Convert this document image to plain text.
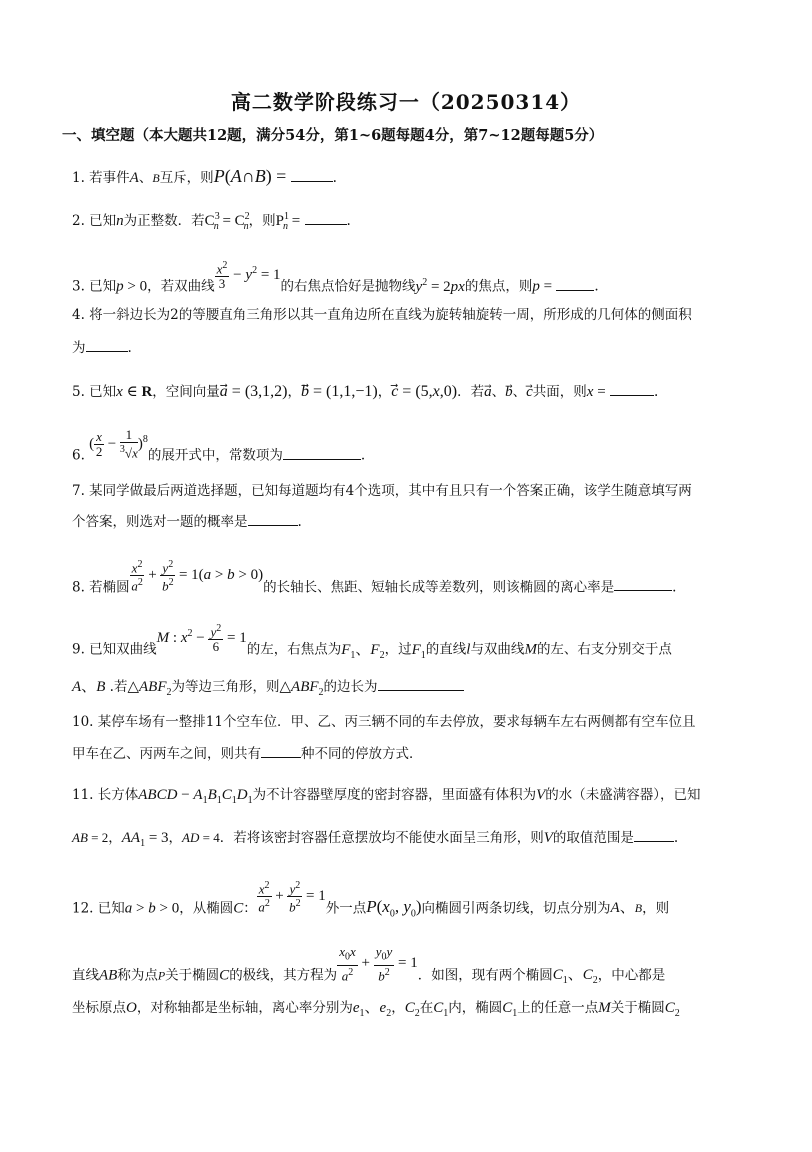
高二数学阶段练习一（20250314）
一、填空题（本大题共12题，满分54分，第1~6题每题4分，第7~12题每题5分）
1. 若事件A、B互斥，则P(A∩B) =	.
2. 已知n为正整数．若$C^3_n = C^2_n$，则$P^1_n$ =	.
3. 已知p > 0，若双曲线 $\frac{x^2}{3} - y^2 = 1$的右焦点恰好是抛物线$y^2 = 2px$的焦点，则p =	.
4. 将一斜边长为2的等腰直角三角形以其一直角边所在直线为旋转轴旋转一周，所形成的几何体的侧面积
为	.
5. 已知x ∈ R，空间向量a⃗ = (3,1,2)，b⃗ = (1,1,−1)，c⃗ = (5,x,0)．若a、b、c共面，则x =	.
6. ( $\frac{x}{2} - \frac{1}{^3√x} )^8$的展开式中，常数项为	.
7. 某同学做最后两道选择题，已知每道题均有4个选项，其中有且只有一个答案正确，该学生随意填写两
个答案，则选对一题的概率是	.
8. 若椭圆 $\frac{x^2}{a^2} + \frac{y^2}{b^2} = 1(a > b > 0)$的长轴长、焦距、短轴长成等差数列，则该椭圆的离心率是	.
9. 已知双曲线M : $x^2 - \frac{y^2}{6} = 1$的左，右焦点为$F_1$、$F_2$，过$F_1$的直线l与双曲线M的左、右支分别交于点
A、B .若$\triangle ABF_2$为等边三角形，则$\triangle ABF_2$的边长为
10. 某停车场有一整排11个空车位．甲、乙、丙三辆不同的车去停放，要求每辆车左右两侧都有空车位且
甲车在乙、丙两车之间，则共有	种不同的停放方式．
11. 长方体ABCD − $A_1B_1C_1D_1$为不计容器壁厚度的密封容器，里面盛有体积为V的水（未盛满容器），已知
AB = 2，$AA_1 = 3$，AD = 4．若将该密封容器任意摆放均不能使水面呈三角形，则V的取值范围是	.
12. 已知a > b > 0，从椭圆C： $\frac{x^2}{a^2} + \frac{y^2}{b^2} = 1$外一点$P(x_0$, $y_0$)向椭圆引两条切线，切点分别为A、B，则
直线AB称为点P关于椭圆C的极线，其方程为 $\frac{x_0x}{a^2} + \frac{y_0y}{b^2} = 1$．如图，现有两个椭圆$C_1$、$C_2$，中心都是
坐标原点O，对称轴都是坐标轴，离心率分别为$e_1$、$e_2$，$C_2$在$C_1$内，椭圆$C_1$上的任意一点M关于椭圆$C_2$
